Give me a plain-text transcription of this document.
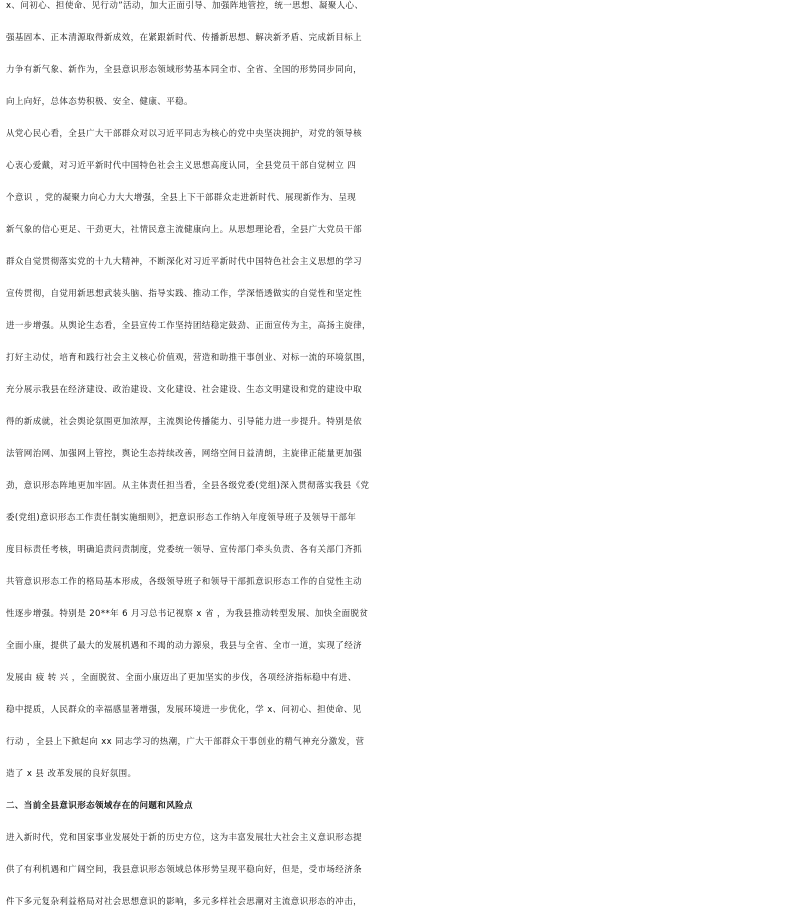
x、问初心、担使命、见行动”活动，加大正面引导、加强阵地管控，统一思想、凝聚人心、
强基固本、正本清源取得新成效，在紧跟新时代、传播新思想、解决新矛盾、完成新目标上
力争有新气象、新作为，全县意识形态领域形势基本同全市、全省、全国的形势同步同向，
向上向好，总体态势积极、安全、健康、平稳。
从党心民心看，全县广大干部群众对以习近平同志为核心的党中央坚决拥护，对党的领导核
心衷心爱戴，对习近平新时代中国特色社会主义思想高度认同，全县党员干部自觉树立 四
个意识 ，党的凝聚力向心力大大增强，全县上下干部群众走进新时代、展现新作为、呈现
新气象的信心更足、干劲更大，社情民意主流健康向上。从思想理论看，全县广大党员干部
群众自觉贯彻落实党的十九大精神，不断深化对习近平新时代中国特色社会主义思想的学习
宣传贯彻，自觉用新思想武装头脑、指导实践、推动工作，学深悟透做实的自觉性和坚定性
进一步增强。从舆论生态看，全县宣传工作坚持团结稳定鼓劲、正面宣传为主，高扬主旋律，
打好主动仗，培育和践行社会主义核心价值观，营造和助推干事创业、对标一流的环境氛围，
充分展示我县在经济建设、政治建设、文化建设、社会建设、生态文明建设和党的建设中取
得的新成就，社会舆论氛围更加浓厚，主流舆论传播能力、引导能力进一步提升。特别是依
法管网治网、加强网上管控，舆论生态持续改善，网络空间日益清朗，主旋律正能量更加强
劲，意识形态阵地更加牢固。从主体责任担当看，全县各级党委(党组)深入贯彻落实我县《党
委(党组)意识形态工作责任制实施细则》，把意识形态工作纳入年度领导班子及领导干部年
度目标责任考核，明确追责问责制度，党委统一领导、宣传部门牵头负责、各有关部门齐抓
共管意识形态工作的格局基本形成，各级领导班子和领导干部抓意识形态工作的自觉性主动
性逐步增强。特别是 20**年 6 月习总书记视察 x 省 ，为我县推动转型发展、加快全面脱贫
全面小康，提供了最大的发展机遇和不竭的动力源泉，我县与全省、全市一道，实现了经济
发展由 疲 转 兴 ，全面脱贫、全面小康迈出了更加坚实的步伐，各项经济指标稳中有进、
稳中提质，人民群众的幸福感显著增强，发展环境进一步优化，学 x、问初心、担使命、见
行动 ，全县上下掀起向 xx 同志学习的热潮，广大干部群众干事创业的精气神充分激发，营
造了 x 县 改革发展的良好氛围。
二、当前全县意识形态领域存在的问题和风险点
进入新时代，党和国家事业发展处于新的历史方位，这为丰富发展壮大社会主义意识形态提
供了有利机遇和广阔空间，我县意识形态领域总体形势呈现平稳向好，但是，受市场经济条
件下多元复杂利益格局对社会思想意识的影响，多元多样社会思潮对主流意识形态的冲击，
